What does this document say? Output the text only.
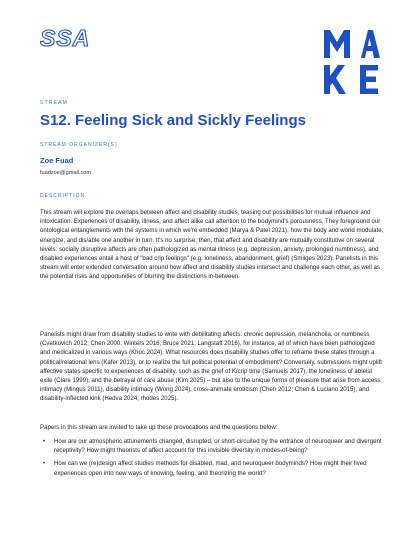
SSA
STREAM
S12. Feeling Sick and Sickly Feelings
STREAM ORGANIZER(S)
Zoe Fuad
fuadzoe@gmail.com
DESCRIPTION

This stream will explore the overlaps between affect and disability studies, teasing out possibilities for mutual influence and intoxication. Experiences of disability, illness, and affect alike call attention to the bodymind's porousness. They foreground our ontological entanglements with the systems in which we're embedded (Marya & Patel 2021); how the body and world modulate, energize, and dis/able one another in turn. It's no surprise, then, that affect and disability are mutually constitutive on several levels: socially disruptive affects are often pathologized as mental illness (e.g. depression, anxiety, prolonged numbness), and disabled experiences entail a host of "bad crip feelings" (e.g. loneliness, abandonment, grief) (Smilges 2023). Panelists in this stream will enter extended conversation around how affect and disability studies intersect and challenge each other, as well as the potential risks and opportunities of blurring the distinctions in-between.

Panelists might draw from disability studies to write with debilitating affects: chronic depression, melancholia, or numbness (Cvetkovich 2012; Chen 2000; Winters 2016; Bruce 2021; Langstaff 2016), for instance, all of which have been pathologized and medicalized in various ways (Khúc 2024). What resources does disability studies offer to reframe these states through a political/relational lens (Kafer 2013), or to realize the full political potential of embodiment? Conversely, submissions might uplift affective states specific to experiences of disability, such as the grief of K/crip time (Samuels 2017), the loneliness of ableist exile (Clare 1999), and the betrayal of care abuse (Kim 2025) – but also to the unique forms of pleasure that arise from access intimacy (Mingus 2011), disability intimacy (Wong 2024), cross-animate eroticism (Chen 2012; Chen & Luciano 2015), and disability-inflected kink (Hedva 2024; rhodes 2025).

Papers in this stream are invited to take up these provocations and the questions below:

• How are our atmospheric attunements changed, disrupted, or short-circuited by the entrance of neuroqueer and divergent receptivity? How might theorists of affect account for this invisible diversity in modes-of-being?
• How can we (re)design affect studies methods for disabled, mad, and neuroqueer bodyminds? How might their lived experiences open into new ways of knowing, feeling, and theorizing the world?
